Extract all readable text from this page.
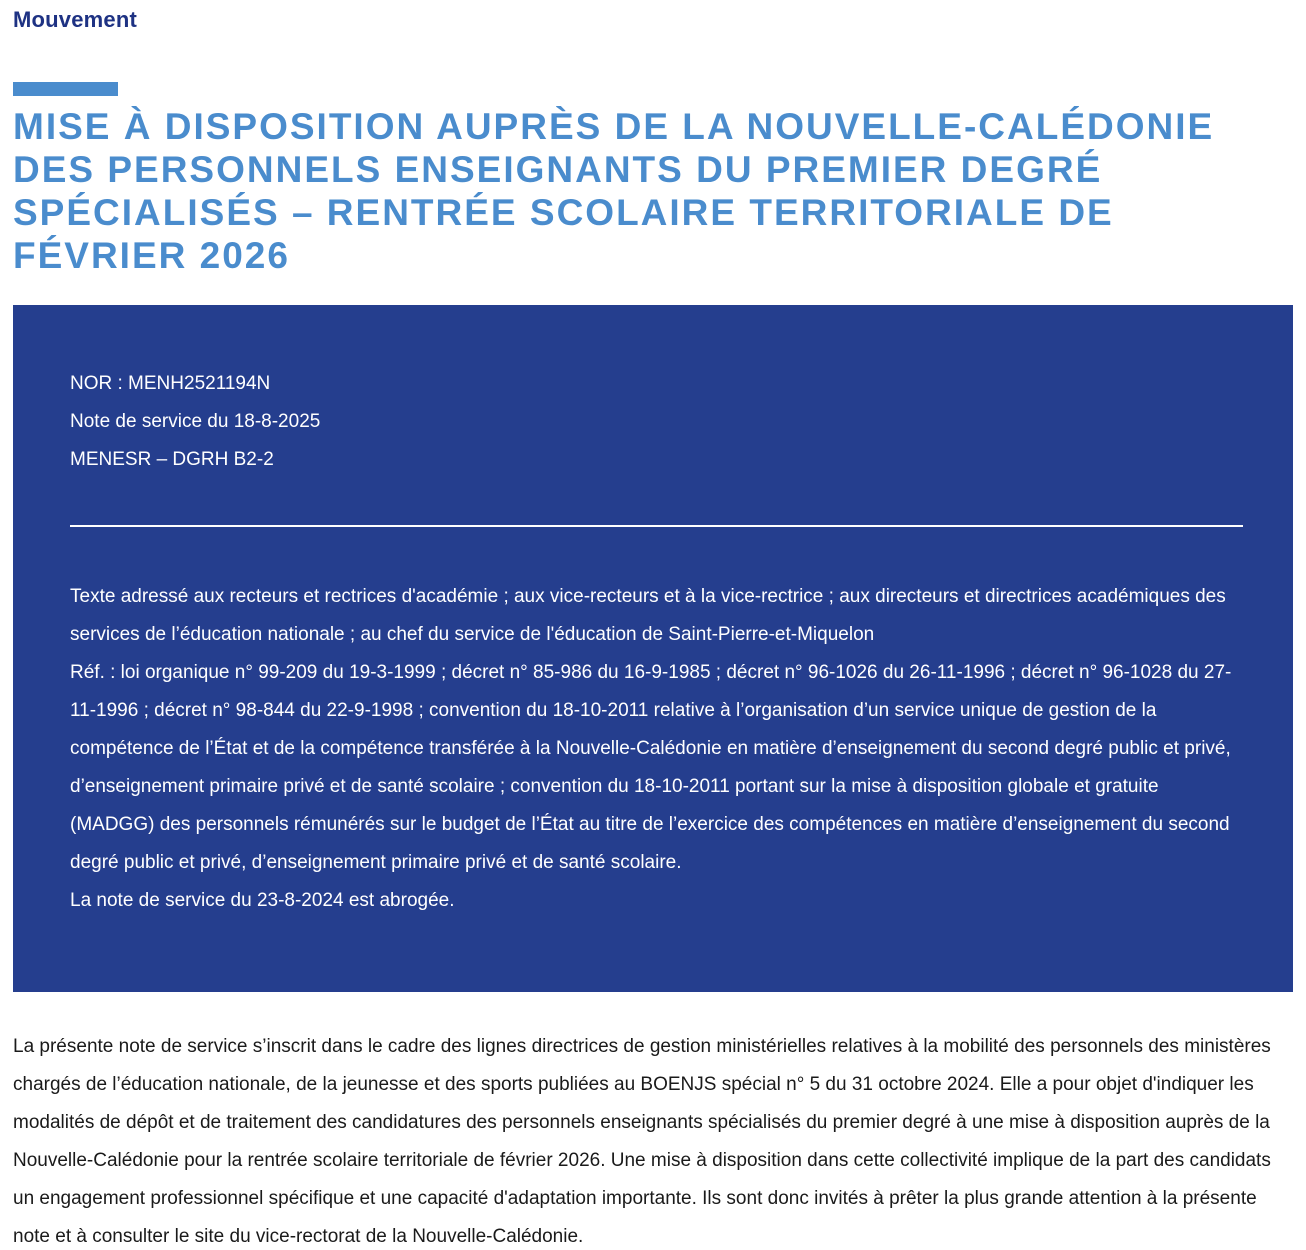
Mouvement
MISE À DISPOSITION AUPRÈS DE LA NOUVELLE-CALÉDONIE
DES PERSONNELS ENSEIGNANTS DU PREMIER DEGRÉ
SPÉCIALISÉS – RENTRÉE SCOLAIRE TERRITORIALE DE
FÉVRIER 2026

NOR : MENH2521194N

Note de service du 18-8-2025

MENESR – DGRH B2-2

Texte adressé aux recteurs et rectrices d'académie ; aux vice-recteurs et à la vice-rectrice ; aux directeurs et directrices académiques des services de l’éducation nationale ; au chef du service de l'éducation de Saint-Pierre-et-Miquelon

Réf. : loi organique n° 99-209 du 19-3-1999 ; décret n° 85-986 du 16-9-1985 ; décret n° 96-1026 du 26-11-1996 ; décret n° 96-1028 du 27-11-1996 ; décret n° 98-844 du 22-9-1998 ; convention du 18-10-2011 relative à l’organisation d’un service unique de gestion de la compétence de l’État et de la compétence transférée à la Nouvelle-Calédonie en matière d’enseignement du second degré public et privé, d’enseignement primaire privé et de santé scolaire ; convention du 18-10-2011 portant sur la mise à disposition globale et gratuite (MADGG) des personnels rémunérés sur le budget de l’État au titre de l’exercice des compétences en matière d’enseignement du second degré public et privé, d’enseignement primaire privé et de santé scolaire.

La note de service du 23-8-2024 est abrogée.

La présente note de service s’inscrit dans le cadre des lignes directrices de gestion ministérielles relatives à la mobilité des personnels des ministères chargés de l’éducation nationale, de la jeunesse et des sports publiées au BOENJS spécial n° 5 du 31 octobre 2024. Elle a pour objet d'indiquer les modalités de dépôt et de traitement des candidatures des personnels enseignants spécialisés du premier degré à une mise à disposition auprès de la Nouvelle-Calédonie pour la rentrée scolaire territoriale de février 2026. Une mise à disposition dans cette collectivité implique de la part des candidats un engagement professionnel spécifique et une capacité d'adaptation importante. Ils sont donc invités à prêter la plus grande attention à la présente note et à consulter le site du vice-rectorat de la Nouvelle-Calédonie.
